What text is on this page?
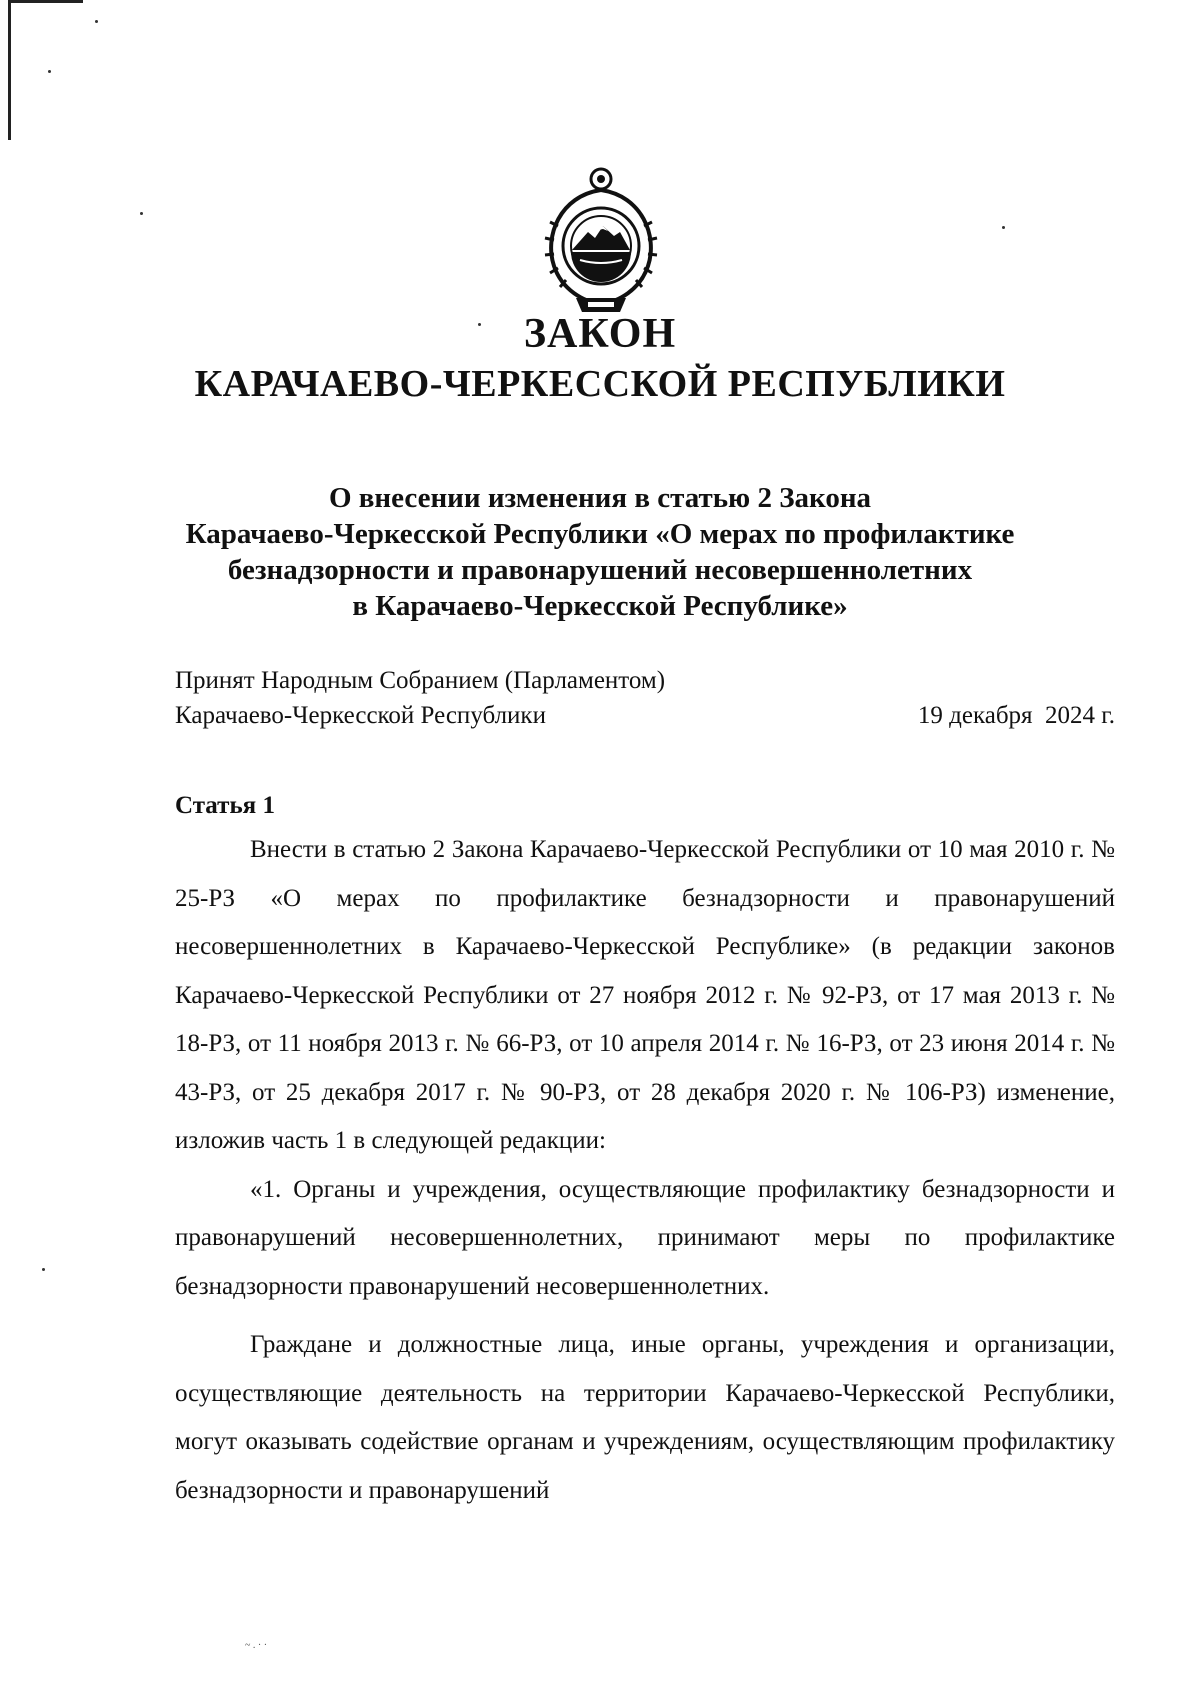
ЗАКОН
КАРАЧАЕВО-ЧЕРКЕССКОЙ РЕСПУБЛИКИ
О внесении изменения в статью 2 Закона
Карачаево-Черкесской Республики «О мерах по профилактике
безнадзорности и правонарушений несовершеннолетних
в Карачаево-Черкесской Республике»
Принят Народным Собранием (Парламентом)
Карачаево-Черкесской Республики	19 декабря  2024 г.
Статья 1

Внести в статью 2 Закона Карачаево-Черкесской Республики от 10 мая 2010 г. № 25-РЗ «О мерах по профилактике безнадзорности и правонарушений несовершеннолетних в Карачаево-Черкесской Республике» (в редакции законов Карачаево-Черкесской Республики от 27 ноября 2012 г. № 92-РЗ, от 17 мая 2013 г. № 18-РЗ, от 11 ноября 2013 г. № 66-РЗ, от 10 апреля 2014 г. № 16-РЗ, от 23 июня 2014 г. № 43-РЗ, от 25 декабря 2017 г. № 90-РЗ, от 28 декабря 2020 г. № 106-РЗ) изменение, изложив часть 1 в следующей редакции:

«1. Органы и учреждения, осуществляющие профилактику безнадзорности и правонарушений несовершеннолетних, принимают меры по профилактике безнадзорности правонарушений несовершеннолетних.

Граждане и должностные лица, иные органы, учреждения и организации, осуществляющие деятельность на территории Карачаево-Черкесской Республики, могут оказывать содействие органам и учреждениям, осуществляющим профилактику безнадзорности и правонарушений

~ . · ·
